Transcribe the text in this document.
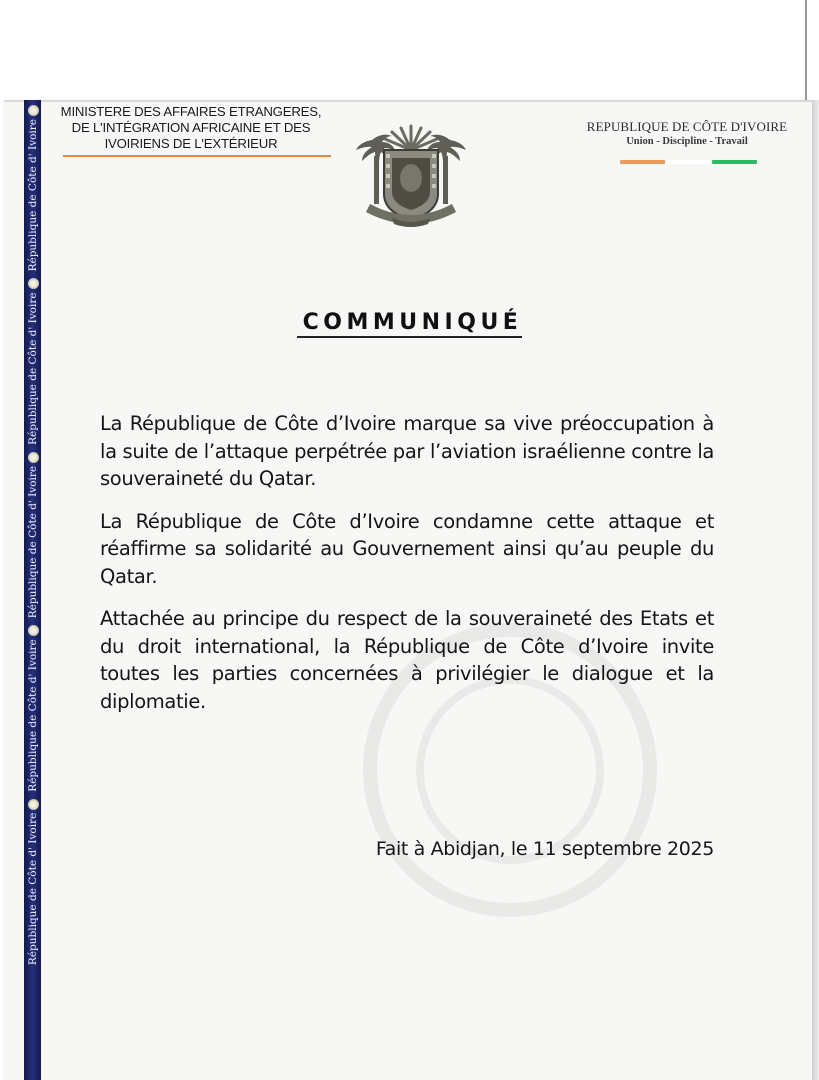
République de Côte d' Ivoire
République de Côte d' Ivoire
République de Côte d' Ivoire
République de Côte d' Ivoire
République de Côte d' Ivoire
MINISTERE DES AFFAIRES ETRANGERES,
DE L'INTÉGRATION AFRICAINE ET DES
IVOIRIENS DE L'EXTÉRIEUR
REPUBLIQUE DE CÔTE D'IVOIRE
Union - Discipline - Travail
COMMUNIQUÉ

La République de Côte d’Ivoire marque sa vive préoccupation à la suite de l’attaque perpétrée par l’aviation israélienne contre la souveraineté du Qatar.

La République de Côte d’Ivoire condamne cette attaque et réaffirme sa solidarité au Gouvernement ainsi qu’au peuple du Qatar.

Attachée au principe du respect de la souveraineté des Etats et du droit international, la République de Côte d’Ivoire invite toutes les parties concernées à privilégier le dialogue et la diplomatie.

Fait à Abidjan, le 11 septembre 2025
